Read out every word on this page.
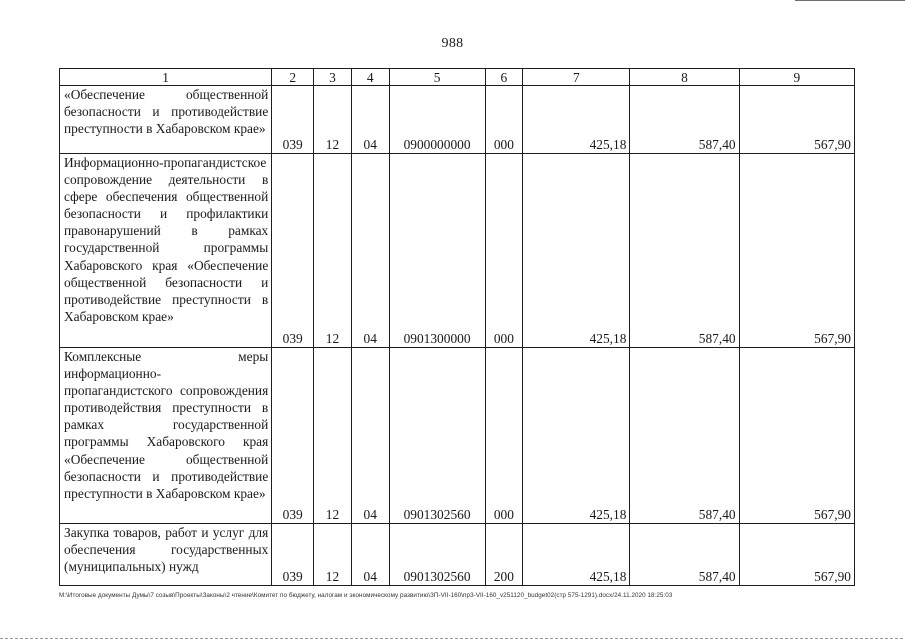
988
1	2	3	4	5	6	7	8	9
«Обеспечение общественной безопасности и противодействие преступности в Хабаровском крае»	039	12	04	0900000000	000	425,18	587,40	567,90
Информационно-пропагандистское сопровождение деятельности в сфере обеспечения общественной безопасности и профилактики правонарушений в рамках государственной программы Хабаровского края «Обеспечение общественной безопасности и противодействие преступности в Хабаровском крае»	039	12	04	0901300000	000	425,18	587,40	567,90
Комплексные меры информационно-пропагандистского сопровождения противодействия преступности в рамках государственной программы Хабаровского края «Обеспечение общественной безопасности и противодействие преступности в Хабаровском крае»	039	12	04	0901302560	000	425,18	587,40	567,90
Закупка товаров, работ и услуг для обеспечения государственных (муниципальных) нужд	039	12	04	0901302560	200	425,18	587,40	567,90
M:\Итоговые документы Думы\7 созыв\Проекты\Законы\2 чтение\Комитет по бюджету, налогам и экономическому развитию\ЗП-VII-160\пр3-VII-160_v251120_budget02(стр 575-1291).docx/24.11.2020 18:25:03
